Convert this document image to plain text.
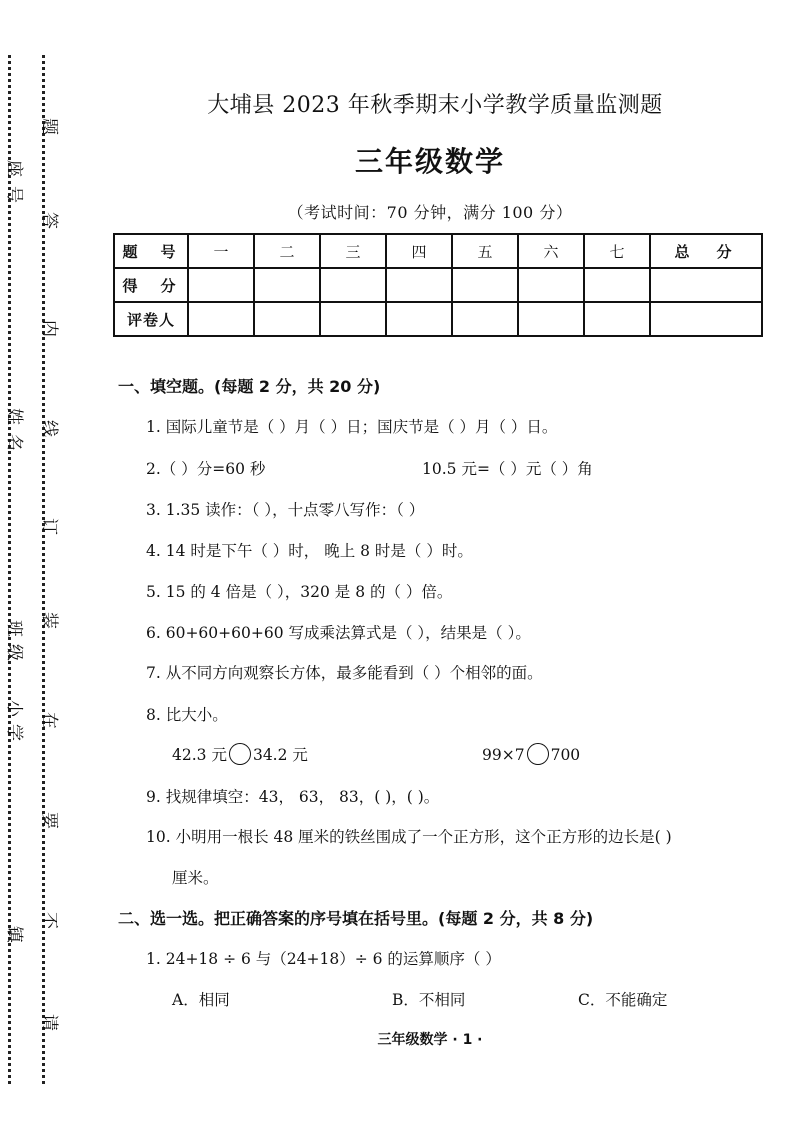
座
号
姓
名
班
级
小
学
镇
题
答
内
线
订
装
在
要
不
请
大埔县 2023 年秋季期末小学教学质量监测题
三年级数学
（考试时间：70 分钟，满分 100 分）
题　号	一	二	三	四	五	六	七	总　分
得　分								
评卷人								
一、填空题。(每题 2 分，共 20 分)
1. 国际儿童节是（ ）月（ ）日；国庆节是（ ）月（ ）日。
2.（ ）分=60 秒	10.5 元=（ ）元（ ）角
3. 1.35 读作：（ ），十点零八写作：（ ）
4. 14 时是下午（ ）时， 晚上 8 时是（ ）时。
5. 15 的 4 倍是（ ），320 是 8 的（ ）倍。
6. 60+60+60+60 写成乘法算式是（ ），结果是（ ）。
7. 从不同方向观察长方体，最多能看到（ ）个相邻的面。
8. 比大小。
42.3 元 34.2 元	99×7 700
9. 找规律填空：43， 63， 83，( )，( )。
10. 小明用一根长 48 厘米的铁丝围成了一个正方形，这个正方形的边长是( )
厘米。
二、选一选。把正确答案的序号填在括号里。(每题 2 分，共 8 分)
1. 24+18 ÷ 6 与（24+18）÷ 6 的运算顺序（ ）
A．相同	B．不相同	C．不能确定
三年级数学 · 1 ·
